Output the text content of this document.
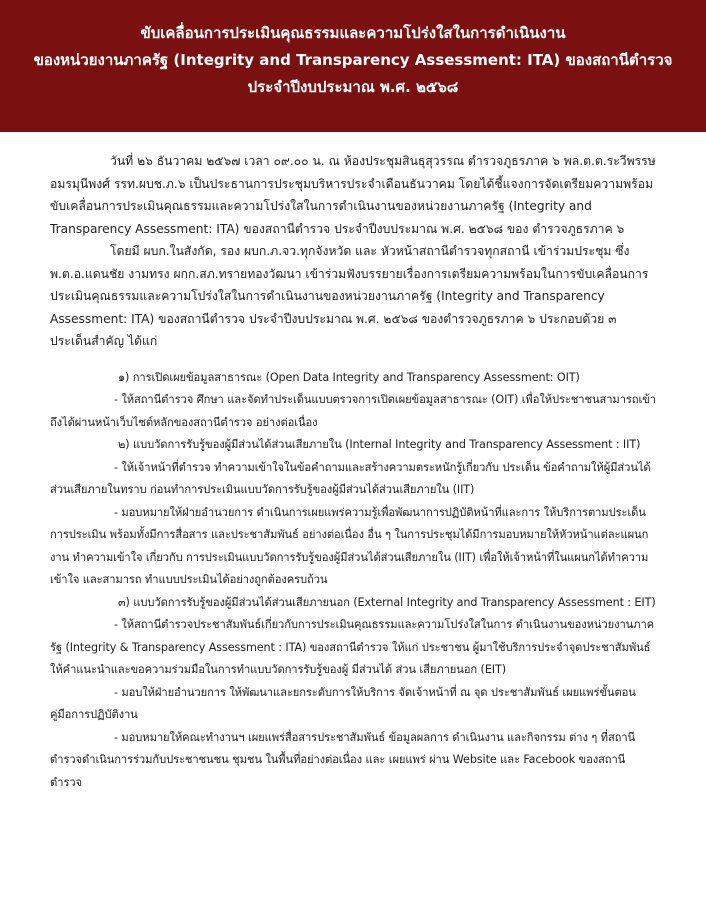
ขับเคลื่อนการประเมินคุณธรรมและความโปร่งใสในการดำเนินงาน
ของหน่วยงานภาครัฐ (Integrity and Transparency Assessment: ITA) ของสถานีตำรวจ
ประจำปีงบประมาณ พ.ศ. ๒๕๖๘

วันที่ ๒๖ ธันวาคม ๒๕๖๗ เวลา ๐๙.๐๐ น. ณ ห้องประชุมสินธุสุวรรณ ตำรวจภูธรภาค ๖ พล.ต.ต.ระวีพรรษ อมรมุนีพงศ์ รรท.ผบช.ภ.๖ เป็นประธานการประชุมบริหารประจำเดือนธันวาคม โดยได้ชี้แจงการจัดเตรียมความพร้อมขับเคลื่อนการประเมินคุณธรรมและความโปร่งใสในการดำเนินงานของหน่วยงานภาครัฐ (Integrity and Transparency Assessment: ITA) ของสถานีตำรวจ ประจำปีงบประมาณ พ.ศ. ๒๕๖๘ ของ ตำรวจภูธรภาค ๖

โดยมี ผบก.ในสังกัด, รอง ผบก.ภ.จว.ทุกจังหวัด และ หัวหน้าสถานีตำรวจทุกสถานี เข้าร่วมประชุม ซึ่ง พ.ต.อ.แดนชัย งามทรง ผกก.สภ.ทรายทองวัฒนา เข้าร่วมฟังบรรยายเรื่องการเตรียมความพร้อมในการขับเคลื่อนการประเมินคุณธรรมและความโปร่งใสในการดำเนินงานของหน่วยงานภาครัฐ (Integrity and Transparency Assessment: ITA) ของสถานีตำรวจ ประจำปีงบประมาณ พ.ศ. ๒๕๖๘ ของตำรวจภูธรภาค ๖ ประกอบด้วย ๓ ประเด็นสำคัญ ได้แก่

๑) การเปิดเผยข้อมูลสาธารณะ (Open Data Integrity and Transparency Assessment: OIT)

- ให้สถานีตำรวจ ศึกษา และจัดทำประเด็นแบบตรวจการเปิดเผยข้อมูลสาธารณะ (OIT) เพื่อให้ประชาชนสามารถเข้าถึงได้ผ่านหน้าเว็บไซต์หลักของสถานีตำรวจ อย่างต่อเนื่อง

๒) แบบวัดการรับรู้ของผู้มีส่วนได้ส่วนเสียภายใน (Internal Integrity and Transparency Assessment : IIT)

- ให้เจ้าหน้าที่ตำรวจ ทำความเข้าใจในข้อคำถามและสร้างความตระหนักรู้เกี่ยวกับ ประเด็น ข้อคำถามให้ผู้มีส่วนได้ส่วนเสียภายในทราบ ก่อนทำการประเมินแบบวัดการรับรู้ของผู้มีส่วนได้ส่วนเสียภายใน (IIT)

- มอบหมายให้ฝ่ายอำนวยการ ดำเนินการเผยแพร่ความรู้เพื่อพัฒนาการปฏิบัติหน้าที่และการ ให้บริการตามประเด็นการประเมิน พร้อมทั้งมีการสื่อสาร และประชาสัมพันธ์ อย่างต่อเนื่อง อื่น ๆ ในการประชุมได้มีการมอบหมายให้หัวหน้าแต่ละแผนกงาน ทำความเข้าใจ เกี่ยวกับ การประเมินแบบวัดการรับรู้ของผู้มีส่วนได้ส่วนเสียภายใน (IIT) เพื่อให้เจ้าหน้าที่ในแผนกได้ทำความเข้าใจ และสามารถ ทำแบบประเมินได้อย่างถูกต้องครบถ้วน

๓) แบบวัดการรับรู้ของผู้มีส่วนได้ส่วนเสียภายนอก (External Integrity and Transparency Assessment : EIT)

- ให้สถานีตำรวจประชาสัมพันธ์เกี่ยวกับการประเมินคุณธรรมและความโปร่งใสในการ ดำเนินงานของหน่วยงานภาครัฐ (Integrity & Transparency Assessment : ITA) ของสถานีตำรวจ ให้แก่ ประชาชน ผู้มาใช้บริการประจำจุดประชาสัมพันธ์ ให้คำแนะนำและขอความร่วมมือในการทำแบบวัดการรับรู้ของผู้ มีส่วนได้ ส่วน เสียภายนอก (EIT)

- มอบให้ฝ่ายอำนวยการ ให้พัฒนาและยกระดับการให้บริการ จัดเจ้าหน้าที่ ณ จุด ประชาสัมพันธ์ เผยแพร่ขั้นตอน คู่มือการปฏิบัติงาน

- มอบหมายให้คณะทำงานฯ เผยแพร่สื่อสารประชาสัมพันธ์ ข้อมูลผลการ ดำเนินงาน และกิจกรรม ต่าง ๆ ที่สถานีตำรวจดำเนินการร่วมกับประชาชนชน ชุมชน ในพื้นที่อย่างต่อเนื่อง และ เผยแพร่ ผ่าน Website และ Facebook ของสถานีตำรวจ
